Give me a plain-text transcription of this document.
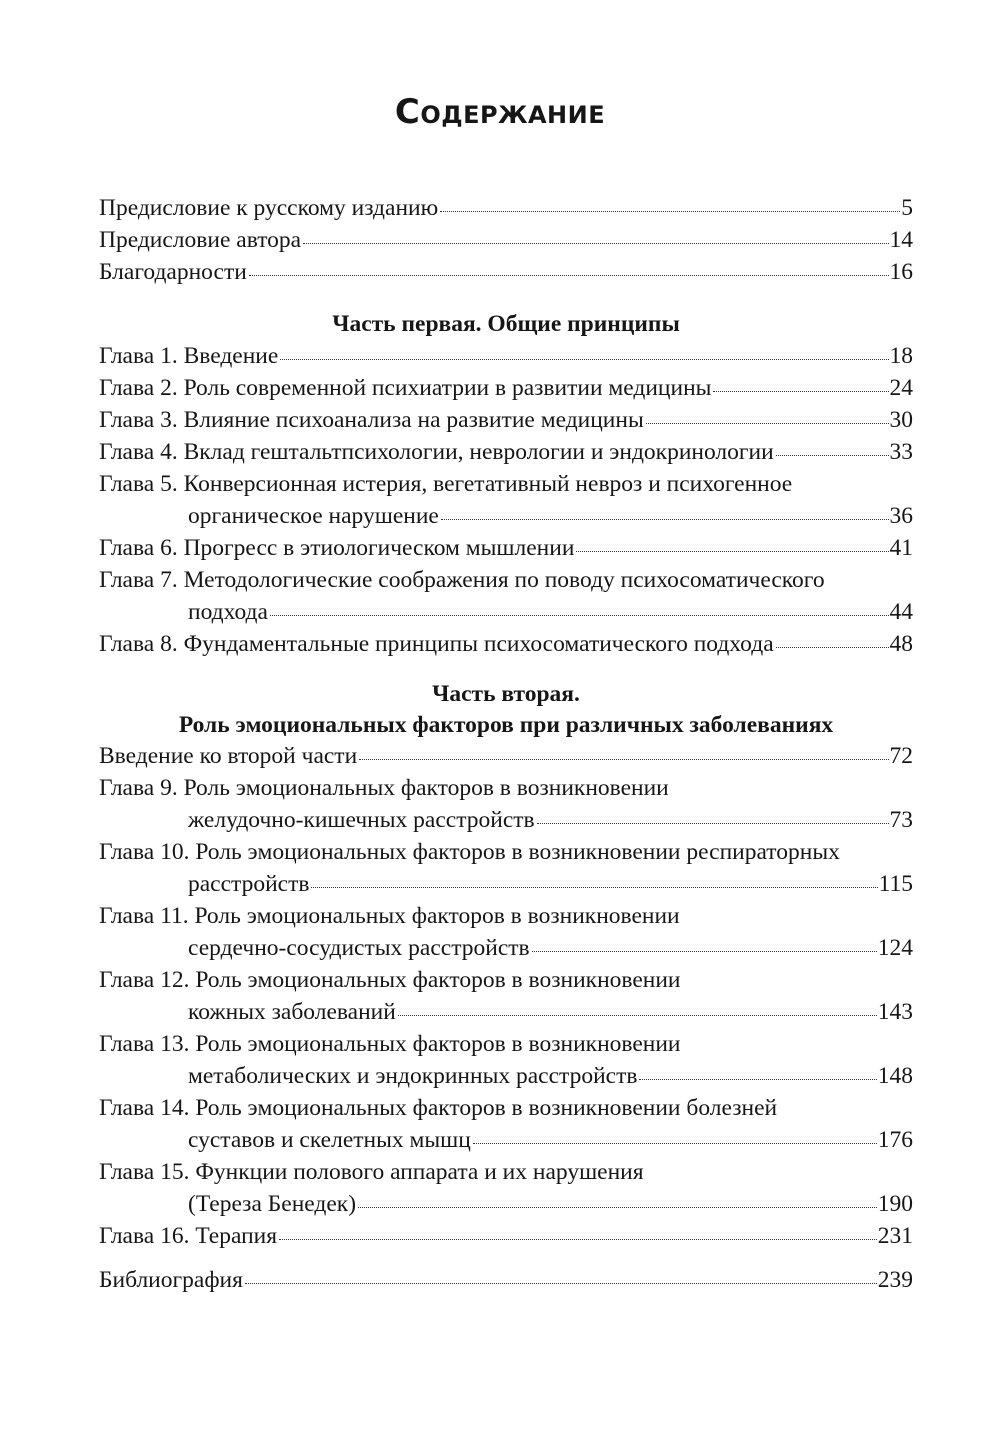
Содержание
Предисловие к русскому изданию	5
Предисловие автора	14
Благодарности	16
Часть первая. Общие принципы
Глава 1. Введение	18
Глава 2. Роль современной психиатрии в развитии медицины	24
Глава 3. Влияние психоанализа на развитие медицины	30
Глава 4. Вклад гештальтпсихологии, неврологии и эндокринологии	33
Глава 5. Конверсионная истерия, вегетативный невроз и психогенное
органическое нарушение	36
Глава 6. Прогресс в этиологическом мышлении	41
Глава 7. Методологические соображения по поводу психосоматического
подхода	44
Глава 8. Фундаментальные принципы психосоматического подхода	48
Часть вторая.
Роль эмоциональных факторов при различных заболеваниях
Введение ко второй части	72
Глава 9. Роль эмоциональных факторов в возникновении
желудочно-кишечных расстройств	73
Глава 10. Роль эмоциональных факторов в возникновении респираторных
расстройств	115
Глава 11. Роль эмоциональных факторов в возникновении
сердечно-сосудистых расстройств	124
Глава 12. Роль эмоциональных факторов в возникновении
кожных заболеваний	143
Глава 13. Роль эмоциональных факторов в возникновении
метаболических и эндокринных расстройств	148
Глава 14. Роль эмоциональных факторов в возникновении болезней
суставов и скелетных мышц	176
Глава 15. Функции полового аппарата и их нарушения
(Тереза Бенедек)	190
Глава 16. Терапия	231
Библиография	239
